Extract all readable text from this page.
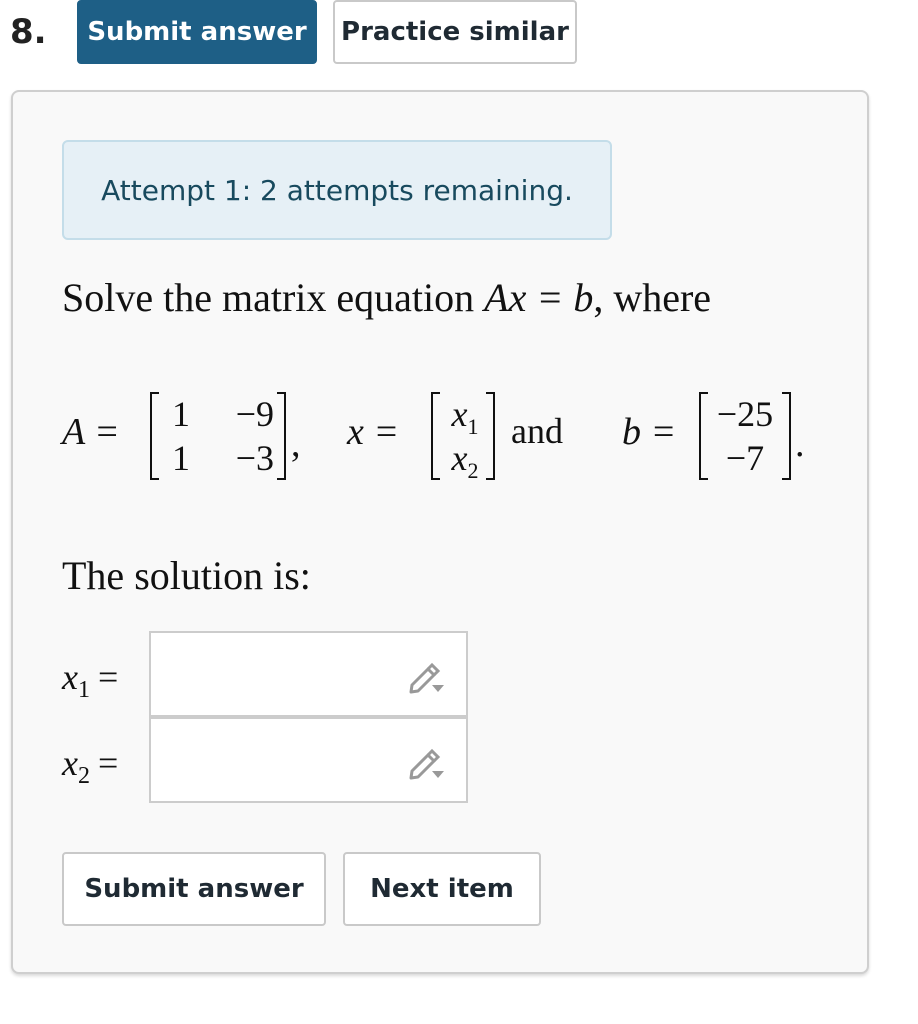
8.	Submit answer	Practice similar
Attempt 1: 2 attempts remaining.
Solve the matrix equation Ax = b, where
A = 1	−9
1	−3 , $x = x_1$
$x_2$
and b = −25
−7 .
The solution is:
$x_1$ =
$x_2$ =
Submit answer	Next item
